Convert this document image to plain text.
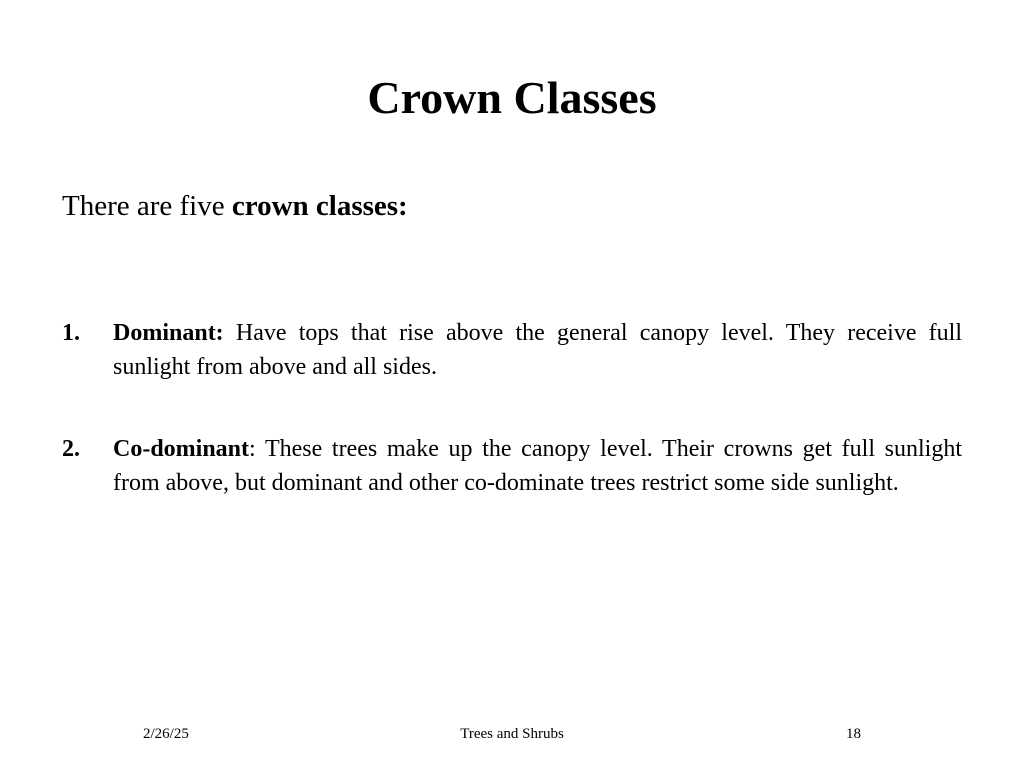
Crown Classes

There are five crown classes:

1. Dominant: Have tops that rise above the general canopy level. They receive full sunlight from above and all sides.
2. Co-dominant: These trees make up the canopy level. Their crowns get full sunlight from above, but dominant and other co-dominate trees restrict some side sunlight.
2/26/25	Trees and Shrubs	18
